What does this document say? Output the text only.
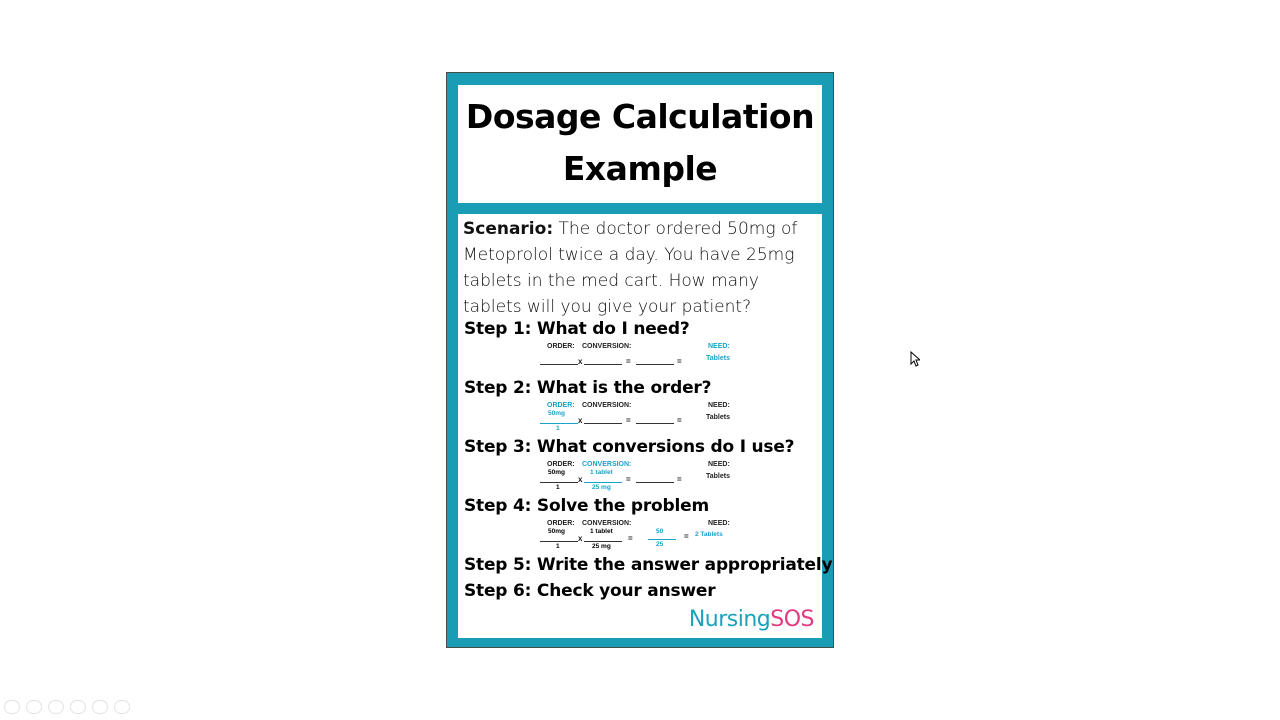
Dosage Calculation
Example
Scenario: The doctor ordered 50mg of Metoprolol twice a day. You have 25mg tablets in the med cart. How many tablets will you give your patient?
Step 1: What do I need?
ORDER: CONVERSION:	NEED:
Tablets
x	=	=
Step 2: What is the order?
ORDER: CONVERSION:	NEED:
Tablets
50mg
1
x	=	=
Step 3: What conversions do I use?
ORDER: CONVERSION:	NEED:
Tablets
50mg
1
x
1 tablet
25 mg
=	=
Step 4: Solve the problem
ORDER: CONVERSION:	NEED:
50mg
1
x
1 tablet
25 mg
=
50
25
= 2 Tablets
Step 5: Write the answer appropriately
Step 6: Check your answer
NursingSOS
